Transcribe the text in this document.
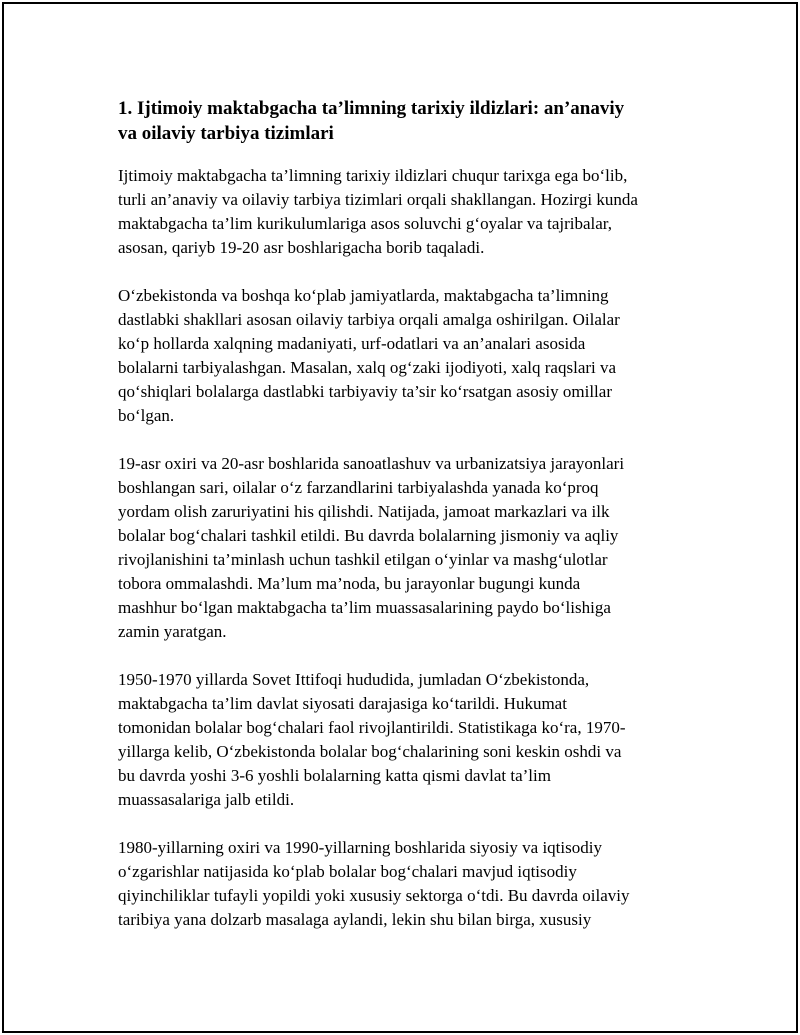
1. Ijtimoiy maktabgacha ta’limning tarixiy ildizlari: an’anaviy
va oilaviy tarbiya tizimlari

Ijtimoiy maktabgacha ta’limning tarixiy ildizlari chuqur tarixga ega bo‘lib,
turli an’anaviy va oilaviy tarbiya tizimlari orqali shakllangan. Hozirgi kunda
maktabgacha ta’lim kurikulumlariga asos soluvchi g‘oyalar va tajribalar,
asosan, qariyb 19-20 asr boshlarigacha borib taqaladi.

O‘zbekistonda va boshqa ko‘plab jamiyatlarda, maktabgacha ta’limning
dastlabki shakllari asosan oilaviy tarbiya orqali amalga oshirilgan. Oilalar
ko‘p hollarda xalqning madaniyati, urf-odatlari va an’analari asosida
bolalarni tarbiyalashgan. Masalan, xalq og‘zaki ijodiyoti, xalq raqslari va
qo‘shiqlari bolalarga dastlabki tarbiyaviy ta’sir ko‘rsatgan asosiy omillar
bo‘lgan.

19-asr oxiri va 20-asr boshlarida sanoatlashuv va urbanizatsiya jarayonlari
boshlangan sari, oilalar o‘z farzandlarini tarbiyalashda yanada ko‘proq
yordam olish zaruriyatini his qilishdi. Natijada, jamoat markazlari va ilk
bolalar bog‘chalari tashkil etildi. Bu davrda bolalarning jismoniy va aqliy
rivojlanishini ta’minlash uchun tashkil etilgan o‘yinlar va mashg‘ulotlar
tobora ommalashdi. Ma’lum ma’noda, bu jarayonlar bugungi kunda
mashhur bo‘lgan maktabgacha ta’lim muassasalarining paydo bo‘lishiga
zamin yaratgan.

1950-1970 yillarda Sovet Ittifoqi hududida, jumladan O‘zbekistonda,
maktabgacha ta’lim davlat siyosati darajasiga ko‘tarildi. Hukumat
tomonidan bolalar bog‘chalari faol rivojlantirildi. Statistikaga ko‘ra, 1970-
yillarga kelib, O‘zbekistonda bolalar bog‘chalarining soni keskin oshdi va
bu davrda yoshi 3-6 yoshli bolalarning katta qismi davlat ta’lim
muassasalariga jalb etildi.

1980-yillarning oxiri va 1990-yillarning boshlarida siyosiy va iqtisodiy
o‘zgarishlar natijasida ko‘plab bolalar bog‘chalari mavjud iqtisodiy
qiyinchiliklar tufayli yopildi yoki xususiy sektorga o‘tdi. Bu davrda oilaviy
taribiya yana dolzarb masalaga aylandi, lekin shu bilan birga, xususiy
